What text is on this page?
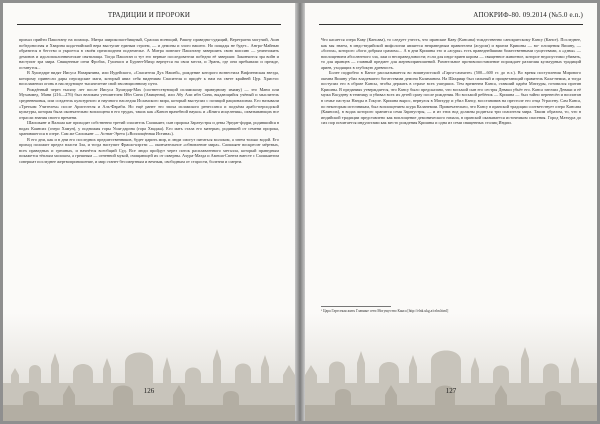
ТРАДИЦИИ И ПРОРОКИ

прихал прийти Пашотану на помощь. Митра широкопастбищный, Сраоша всеющий, Рашну праведно-судящий, Веретрагна могучий, Ашн победоносная и Хварэна кида-нийский вера выступят единым строем, — и демоны и злого нашего. Но пощады не будет... Ангро-Майнью обратится в бегство и укроется в своём преисподнем подземелье. А Митра повелит Пашотану завершить свою миссию — уничтожить демонов и идолопоклоннические святилища. Тогда Пашотан и тут его верные последователи победно её завершат. Закончится эра войн и наступит эра мира. Священные огни Фробах, Гушнасп и Бурзен-Михр вернутся на свои места, и Эрань, где они пребывали и прежде, останутся...

В Хушедаре видят Иисуса Назарянина, или Иудейского, «Спасителя Дух Нашей», рождение которого возвестила Вифлеемская звезда, которому принесли дары персидские маги, который явил себя видениям Спасителя и придёт к нам на свете крайней Цур. Христос воспламенил огонь в наследующее тысячелетие свой эволюционному пути.

Рождённый через тысячу лет после Иисуса Хушедар-Мах (соответствующий исламскому праведному имаму) — это Мани или Мухаммед. Мани (216—276) был великим утешителем Ибн Сина (Авиценна), или Абу Али ибн Сина, выдающийся учёный и мыслитель средневековья, или создатель культурного и научного наследия Исламского мира, который выступил с позиций рационализма. Его называли «Третьим Учителем» после Аристотеля и Аль-Фараби. Но ещё ранее это эпоха исламского ренессанса и подъёма арабо-персидской культуры, которая была окончательно воплощена в его трудах, таких как «Канон врачебной науки» и «Книга исцеления», охватывающих все отрасли знания своего времени.

Шаошьянт и Вальма кат приходит собственно третий спаситель Саошьянт, сын пророка Заратустры и девы Эредат-фэдри, родившийся в водах Каянсих (озеро Хамун), у подножия горы Уши-дарэна (гора Хваджа). Его мать стала его матерью, родившей от семени пророка, хранившегося в озере. Сам же Саошьянт — Астват-Эрета («Воплощённая Истина»).

В его дни, как и в дни его последних предшественников, будет царить мир, и люди смогут питаться молоком, а затем только водой. Его приход положит предел власти Зла, и тогда наступит Фрашо-кэрэти — окончательное «обновление мира». Саошьянт воскресит мёртвых, всех праведных и грешных, и начнётся всеобщий Суд. Все люди пройдут через поток расплавленного металла, который праведным покажется тёплым молоком, а грешным — огненной мукой, очищающей их от скверны. Ахура-Мазда и Амеша-Спента вместе с Саошьянтом совершат последнее жертвоприношение, и мир станет бессмертным и вечным, свободным от старости, болезни и смерти.

126
АПОКРИФ-80. 09.2014 (№5.0 e.n.)

Что касается озера Каву (Кансава), то следует учесть, что иранские Каву (Кансава) тождественно санскритскому Кансу (Кансе). Последнее, как мы знаем, в индо-ведийской мифологии является неправедным правителем (асуром) и врагом Кришны — во- площения Вишну, — «богом», которого «боги добрым срамом»... А в дни Кришны это и «асуры» есть праведнейшими божественными существами, а «дэвы» — воплощением абсолютного зла, лжи и несправедливости; если для индо-ариев корова — священное животное, которое недопустимо убивать, то для иранцев — главный предмет для жертвоприношений. Разительное противопоставление порождает различия культурных традиций ариев, уходящих в глубокую древность.

Более подробно в Кансе рассказывается во вишнуистской «Гарга-самхите» (500—600 гг. до н.э.). Во время поступления Мирового океана Вишну убил владевшего богатствами демона Калиманом. На Шахрияр был сильный и процветающий правитель Кала-немиа, и тогда поступил его в образе Кансы, чтобы держать в страхе всех ушедших. Тем временем Канса, ставший царём Матхуры, готовился против Кришны. В преданиях утверждается, что Кансу было предсказано, что восьмой сын его сестры Деваки убьёт его. Канса заточил Деваки и её мужа Васудеву в темницу и убивал всех их детей сразу после рождения. Но восьмой ребёнок — Кришна — был тайно перенесён и воспитан в семье пастуха Нанды в Гокуле. Кришна вырос, вернулся в Матхуру и убил Кансу, восстановив на престоле его отца Уграсену. Сам Канса, по некоторым источникам, был воплощением асура Каланемии. Примечательно, что Кансу в иранской традиции соответствует озеро Кансава (Каянсих), в водах которого хранится семя Заратустры, — и из этих вод должны родиться три спасителя мира. Таким образом, то, что в индийской традиции представлено как воплощение демонического начала, в иранской оказывается источником спасения. Город Матхура до сих пор почитается индуистами как место рождения Кришны и одна из семи священных столиц Индии.

¹ Цара Гартсекая жить Главные сети Могущество Канса [http://elnk.ukg.a/rzhn.html]
127
